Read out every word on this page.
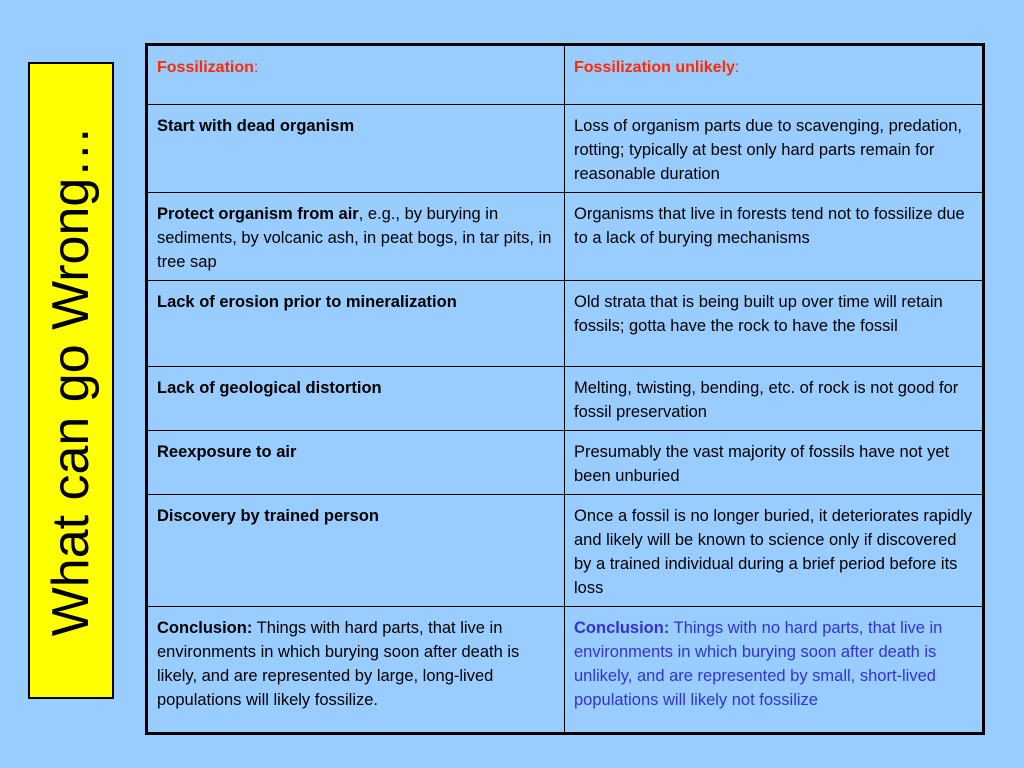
What can go Wrong…
Fossilization:	Fossilization unlikely:
Start with dead organism	Loss of organism parts due to scavenging, predation, rotting; typically at best only hard parts remain for reasonable duration
Protect organism from air, e.g., by burying in sediments, by volcanic ash, in peat bogs, in tar pits, in tree sap	Organisms that live in forests tend not to fossilize due to a lack of burying mechanisms
Lack of erosion prior to mineralization	Old strata that is being built up over time will retain fossils; gotta have the rock to have the fossil
Lack of geological distortion	Melting, twisting, bending, etc. of rock is not good for fossil preservation
Reexposure to air	Presumably the vast majority of fossils have not yet been unburied
Discovery by trained person	Once a fossil is no longer buried, it deteriorates rapidly and likely will be known to science only if discovered by a trained individual during a brief period before its loss
Conclusion: Things with hard parts, that live in environments in which burying soon after death is likely, and are represented by large, long-lived populations will likely fossilize.	Conclusion: Things with no hard parts, that live in environments in which burying soon after death is unlikely, and are represented by small, short-lived populations will likely not fossilize
